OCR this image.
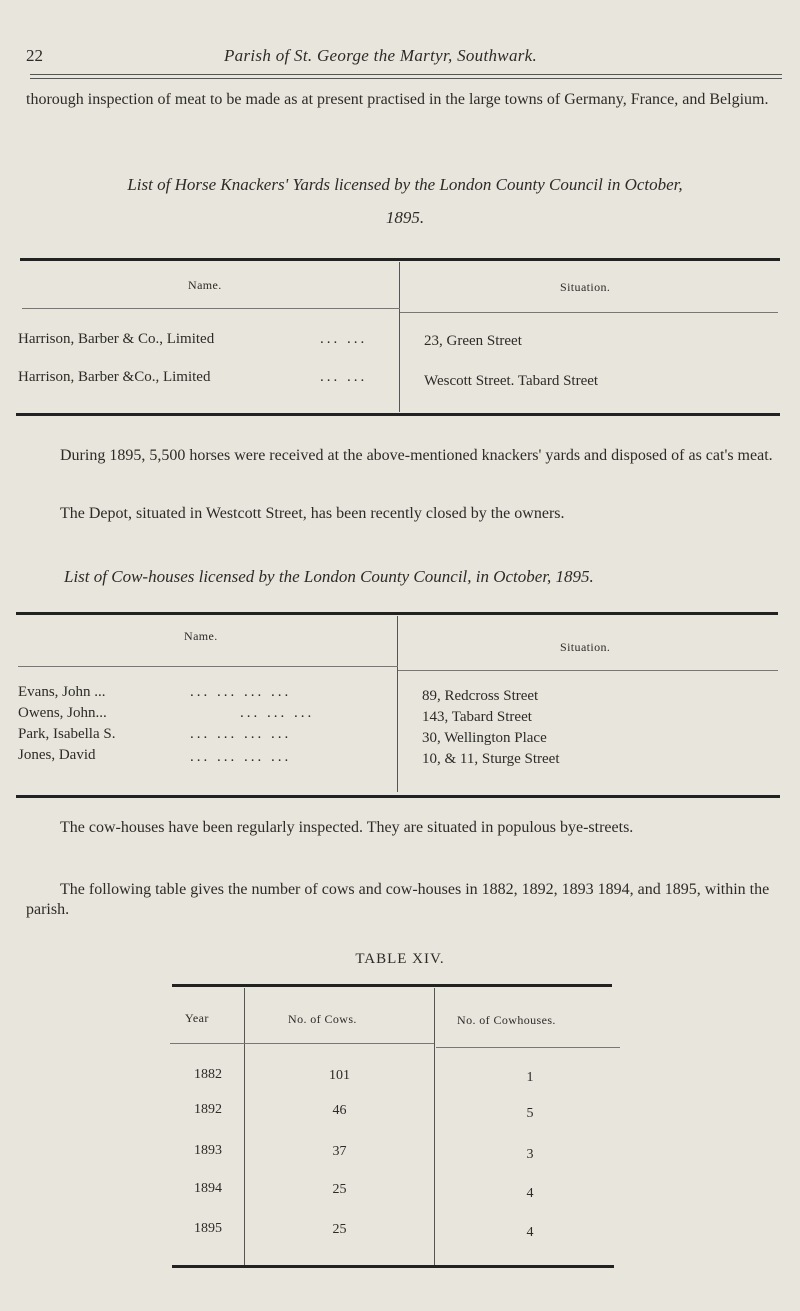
22	Parish of St. George the Martyr, Southwark.

thorough inspection of meat to be made as at present practised in the large towns of Germany, France, and Belgium.

List of Horse Knackers' Yards licensed by the London County Council in October,
1895.
Name.	Situation.
Harrison, Barber & Co., Limited	... ...	23, Green Street
Harrison, Barber &Co., Limited	... ...	Wescott Street. Tabard Street

During 1895, 5,500 horses were received at the above-mentioned knackers' yards and disposed of as cat's meat.

The Depot, situated in Westcott Street, has been recently closed by the owners.

List of Cow-houses licensed by the London County Council, in October, 1895.
Name.
Situation.
Evans, John ...	... ... ... ...	89, Redcross Street
Owens, John...	... ... ...	143, Tabard Street
Park, Isabella S.	... ... ... ...	30, Wellington Place
Jones, David	... ... ... ...	10, & 11, Sturge Street

The cow-houses have been regularly inspected. They are situated in populous bye-streets.

The following table gives the number of cows and cow-houses in 1882, 1892, 1893 1894, and 1895, within the parish.

TABLE XIV.
Year	No. of Cows.	No. of Cowhouses.
1882	101	1
1892	46	5
1893	37	3
1894	25	4
1895	25	4
